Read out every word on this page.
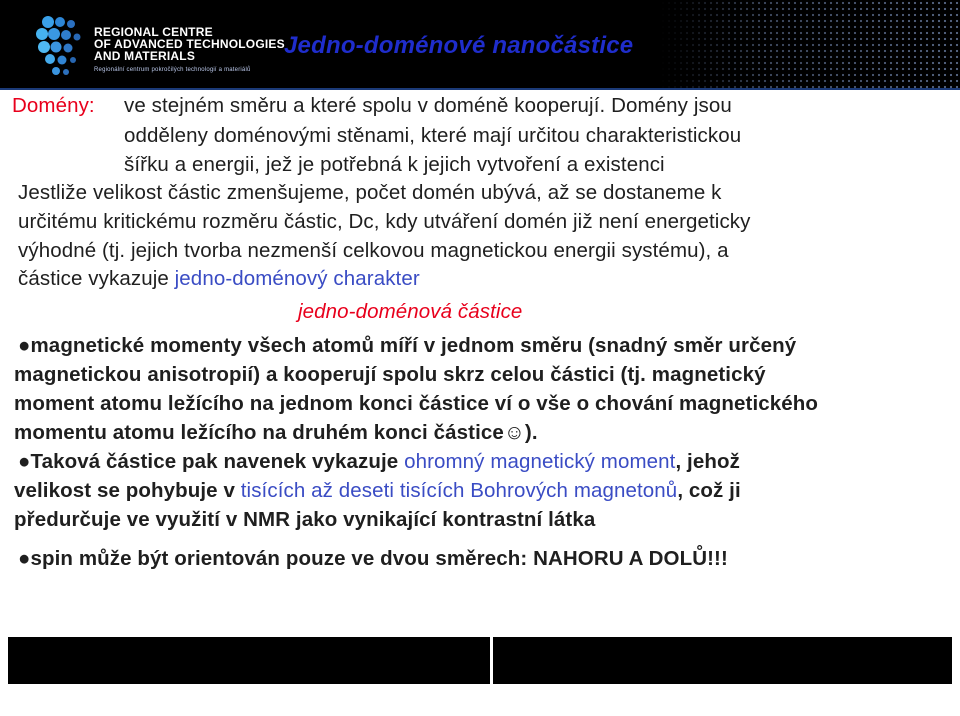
REGIONAL CENTRE
OF ADVANCED TECHNOLOGIES
AND MATERIALS
Regionální centrum pokročilých technologií a materiálů
Jedno-doménové nanočástice
Domény: ve stejném směru a které spolu v doméně kooperují. Domény jsou
odděleny doménovými stěnami, které mají určitou charakteristickou
šířku a energii, jež je potřebná k jejich vytvoření a existenci
Jestliže velikost částic zmenšujeme, počet domén ubývá, až se dostaneme k
určitému kritickému rozměru částic, Dc, kdy utváření domén již není energeticky
výhodné (tj. jejich tvorba nezmenší celkovou magnetickou energii systému), a
částice vykazuje jedno-doménový charakter
jedno-doménová částice
●magnetické momenty všech atomů míří v jednom směru (snadný směr určený
magnetickou anisotropií) a kooperují spolu skrz celou částici (tj. magnetický
moment atomu ležícího na jednom konci částice ví o vše o chování magnetického
momentu atomu ležícího na druhém konci částice☺).
●Taková částice pak navenek vykazuje ohromný magnetický moment, jehož
velikost se pohybuje v tisících až deseti tisících Bohrových magnetonů, což ji
předurčuje ve využití v NMR jako vynikající kontrastní látka
●spin může být orientován pouze ve dvou směrech: NAHORU A DOLŮ!!!
